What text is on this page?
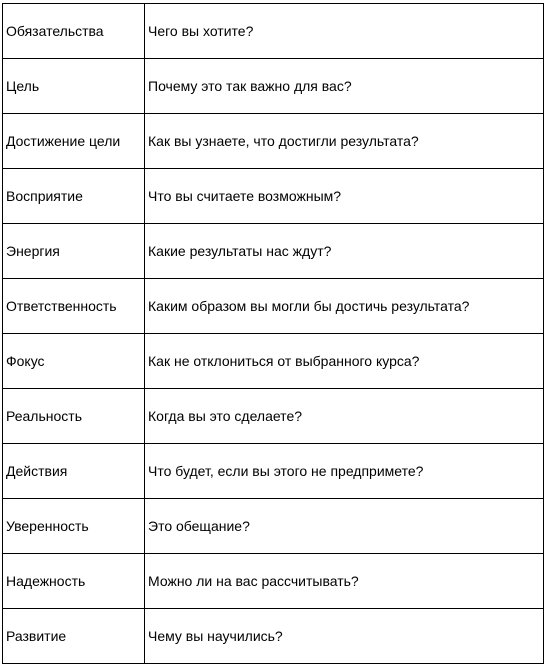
Обязательства	Чего вы хотите?
Цель	Почему это так важно для вас?
Достижение цели	Как вы узнаете, что достигли результата?
Восприятие	Что вы считаете возможным?
Энергия	Какие результаты нас ждут?
Ответственность	Каким образом вы могли бы достичь результата?
Фокус	Как не отклониться от выбранного курса?
Реальность	Когда вы это сделаете?
Действия	Что будет, если вы этого не предпримете?
Уверенность	Это обещание?
Надежность	Можно ли на вас рассчитывать?
Развитие	Чему вы научились?
